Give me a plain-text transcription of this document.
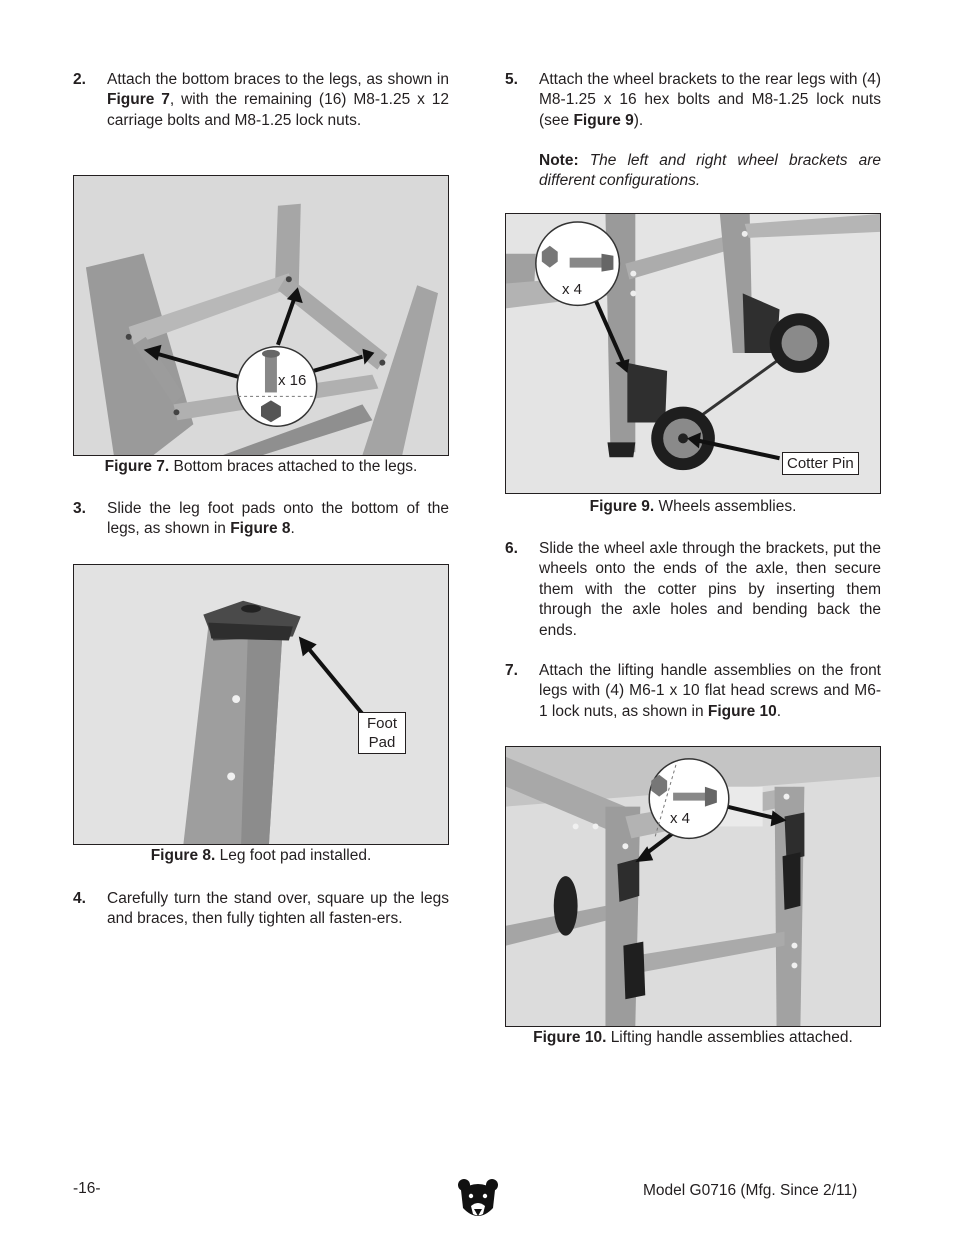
2. Attach the bottom braces to the legs, as shown in Figure 7, with the remaining (16) M8-1.25 x 12 carriage bolts and M8-1.25 lock nuts.
x 16
Figure 7. Bottom braces attached to the legs.
3. Slide the leg foot pads onto the bottom of the legs, as shown in Figure 8.
Foot
Pad
Figure 8. Leg foot pad installed.
4. Carefully turn the stand over, square up the legs and braces, then fully tighten all fasten-ers.
5. Attach the wheel brackets to the rear legs with (4) M8-1.25 x 16 hex bolts and M8-1.25 lock nuts (see Figure 9).
Note: The left and right wheel brackets are different configurations.
x 4
Cotter Pin
Figure 9. Wheels assemblies.
6. Slide the wheel axle through the brackets, put the wheels onto the ends of the axle, then secure them with the cotter pins by inserting them through the axle holes and bending back the ends.
7. Attach the lifting handle assemblies on the front legs with (4) M6-1 x 10 flat head screws and M6-1 lock nuts, as shown in Figure 10.
x 4
Figure 10. Lifting handle assemblies attached.
-16-	Model G0716 (Mfg. Since 2/11)
